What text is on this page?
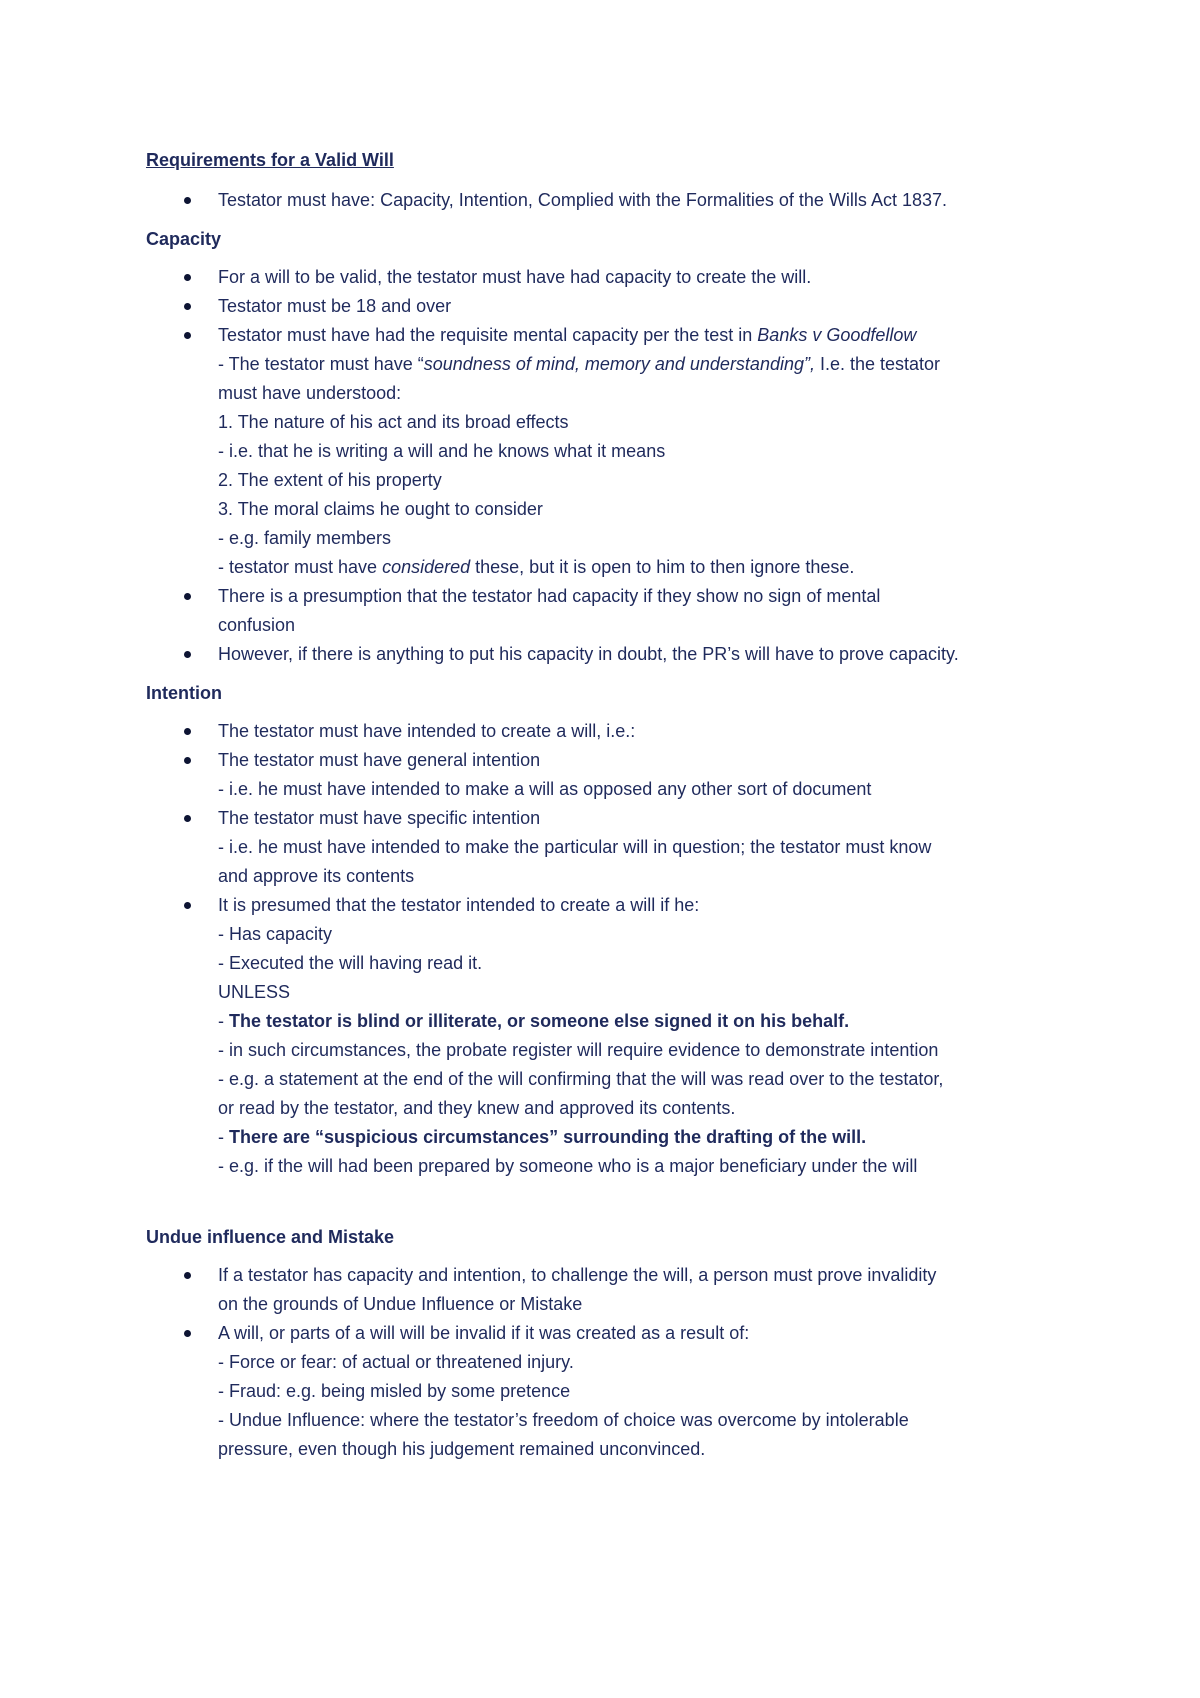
Requirements for a Valid Will
Testator must have: Capacity, Intention, Complied with the Formalities of the Wills Act 1837.
Capacity
For a will to be valid, the testator must have had capacity to create the will.
Testator must be 18 and over
Testator must have had the requisite mental capacity per the test in Banks v Goodfellow
- The testator must have “soundness of mind, memory and understanding”, I.e. the testator
must have understood:
1. The nature of his act and its broad effects
- i.e. that he is writing a will and he knows what it means
2. The extent of his property
3. The moral claims he ought to consider
- e.g. family members
- testator must have considered these, but it is open to him to then ignore these.
There is a presumption that the testator had capacity if they show no sign of mental
confusion
However, if there is anything to put his capacity in doubt, the PR’s will have to prove capacity.
Intention
The testator must have intended to create a will, i.e.:
The testator must have general intention
- i.e. he must have intended to make a will as opposed any other sort of document
The testator must have specific intention
- i.e. he must have intended to make the particular will in question; the testator must know
and approve its contents
It is presumed that the testator intended to create a will if he:
- Has capacity
- Executed the will having read it.
UNLESS
- The testator is blind or illiterate, or someone else signed it on his behalf.
- in such circumstances, the probate register will require evidence to demonstrate intention
- e.g. a statement at the end of the will confirming that the will was read over to the testator,
or read by the testator, and they knew and approved its contents.
- There are “suspicious circumstances” surrounding the drafting of the will.
- e.g. if the will had been prepared by someone who is a major beneficiary under the will
Undue influence and Mistake
If a testator has capacity and intention, to challenge the will, a person must prove invalidity
on the grounds of Undue Influence or Mistake
A will, or parts of a will will be invalid if it was created as a result of:
- Force or fear: of actual or threatened injury.
- Fraud: e.g. being misled by some pretence
- Undue Influence: where the testator’s freedom of choice was overcome by intolerable
pressure, even though his judgement remained unconvinced.
